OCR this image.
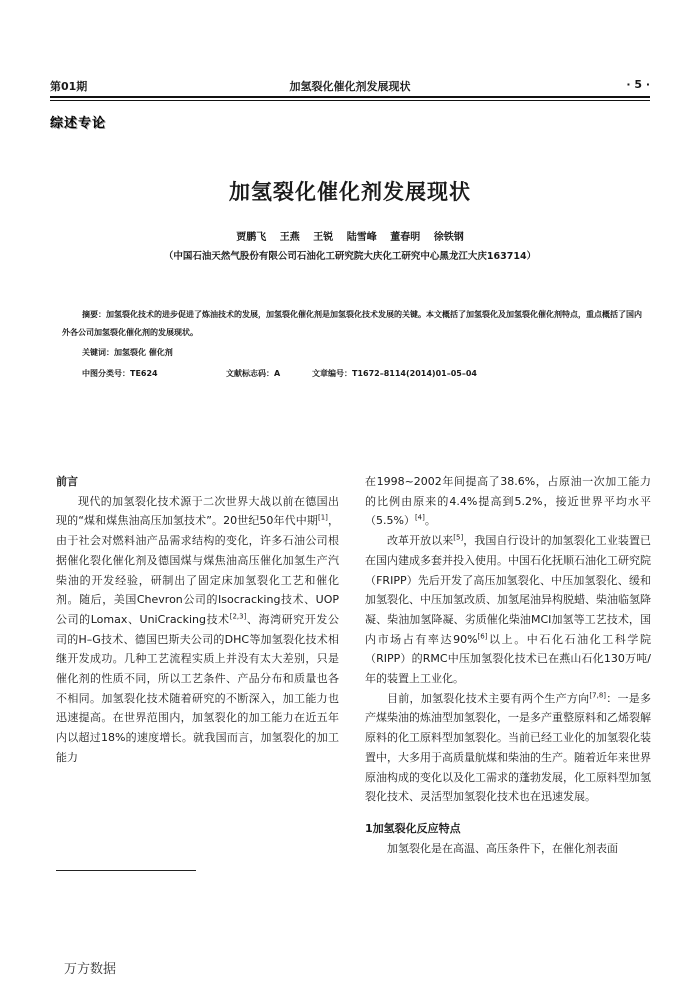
第01期	加氢裂化催化剂发展现状	· 5 ·
综述专论
加氢裂化催化剂发展现状
贾鹏飞 王燕 王锐 陆雪峰 董春明 徐铁钢
（中国石油天然气股份有限公司石油化工研究院大庆化工研究中心黑龙江大庆163714）
摘要：加氢裂化技术的进步促进了炼油技术的发展，加氢裂化催化剂是加氢裂化技术发展的关键。本文概括了加氢裂化及加氢裂化催化剂特点，重点概括了国内外各公司加氢裂化催化剂的发展现状。
关键词：加氢裂化 催化剂
中图分类号：TE624	文献标志码：A	文章编号：T1672–8114(2014)01–05–04

前言

现代的加氢裂化技术源于二次世界大战以前在德国出现的“煤和煤焦油高压加氢技术”。20世纪50年代中期[1]，由于社会对燃料油产品需求结构的变化，许多石油公司根据催化裂化催化剂及德国煤与煤焦油高压催化加氢生产汽柴油的开发经验，研制出了固定床加氢裂化工艺和催化剂。随后，美国Chevron公司的Isocracking技术、UOP公司的Lomax、UniCracking技术[2,3]、海湾研究开发公司的H–G技术、德国巴斯夫公司的DHC等加氢裂化技术相继开发成功。几种工艺流程实质上并没有太大差别，只是催化剂的性质不同，所以工艺条件、产品分布和质量也各不相同。加氢裂化技术随着研究的不断深入，加工能力也迅速提高。在世界范围内，加氢裂化的加工能力在近五年内以超过18%的速度增长。就我国而言，加氢裂化的加工能力

在1998~2002年间提高了38.6%，占原油一次加工能力的比例由原来的4.4%提高到5.2%，接近世界平均水平（5.5%）[4]。

改革开放以来[5]，我国自行设计的加氢裂化工业装置已在国内建成多套并投入使用。中国石化抚顺石油化工研究院（FRIPP）先后开发了高压加氢裂化、中压加氢裂化、缓和加氢裂化、中压加氢改质、加氢尾油异构脱蜡、柴油临氢降凝、柴油加氢降凝、劣质催化柴油MCI加氢等工艺技术，国内市场占有率达90%[6]以上。中石化石油化工科学院（RIPP）的RMC中压加氢裂化技术已在燕山石化130万吨/年的装置上工业化。

目前，加氢裂化技术主要有两个生产方向[7,8]：一是多产煤柴油的炼油型加氢裂化，一是多产重整原料和乙烯裂解原料的化工原料型加氢裂化。当前已经工业化的加氢裂化装置中，大多用于高质量航煤和柴油的生产。随着近年来世界原油构成的变化以及化工需求的蓬勃发展，化工原料型加氢裂化技术、灵活型加氢裂化技术也在迅速发展。

1加氢裂化反应特点

加氢裂化是在高温、高压条件下，在催化剂表面

万方数据
